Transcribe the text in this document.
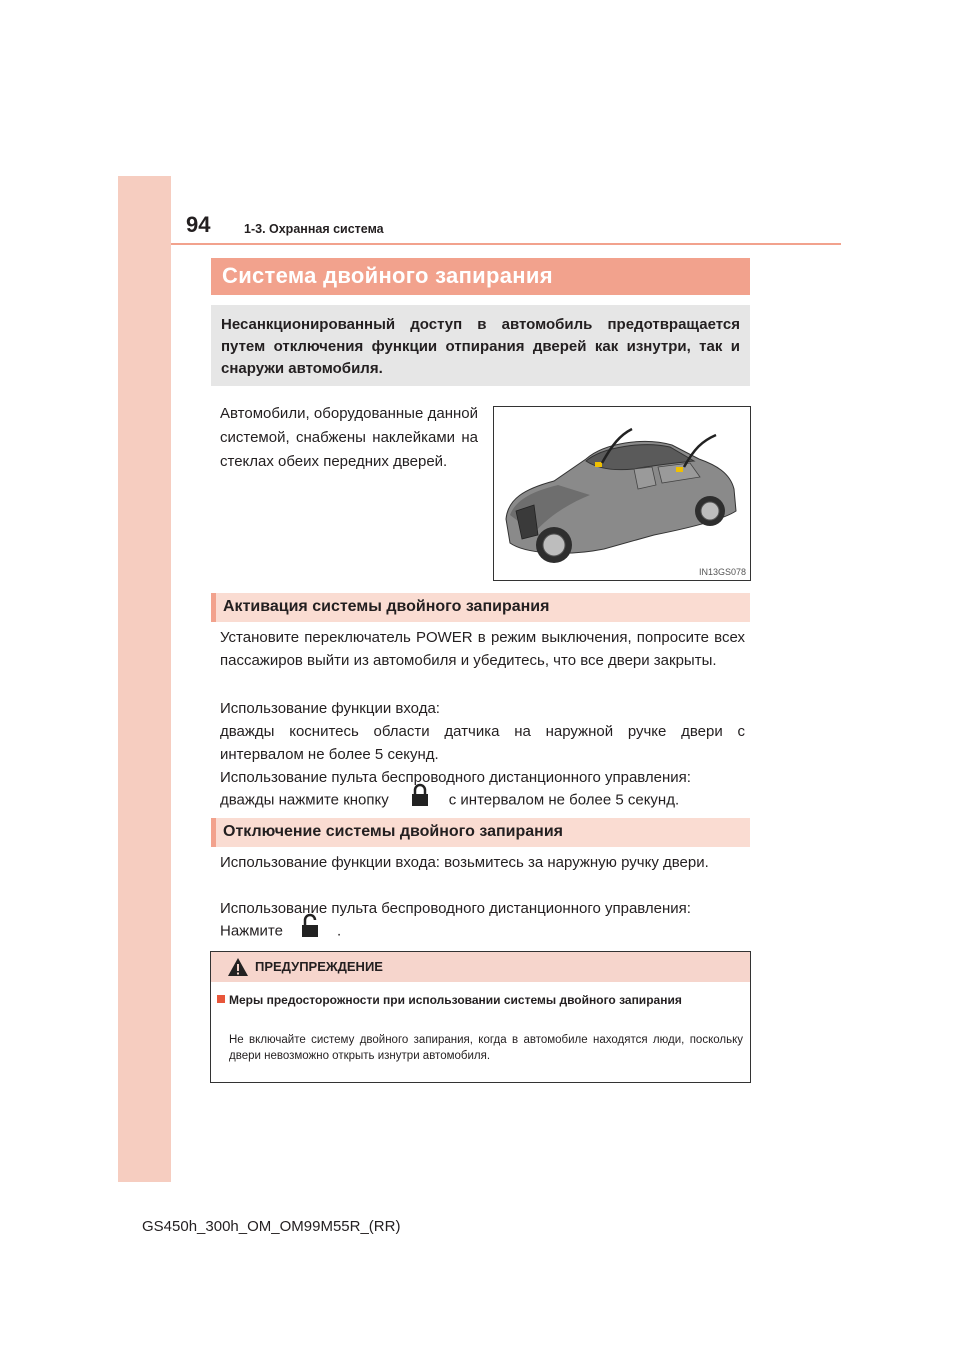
94	1-3. Охранная система
Система двойного запирания
Несанкционированный доступ в автомобиль предотвращается путем отключения функции отпирания дверей как изнутри, так и снаружи автомобиля.
Автомобили, оборудованные данной системой, снабжены наклейками на стеклах обеих передних дверей.
IN13GS078
Активация системы двойного запирания
Установите переключатель POWER в режим выключения, попросите всех пассажиров выйти из автомобиля и убедитесь, что все двери закрыты.
Использование функции входа:
дважды коснитесь области датчика на наружной ручке двери с интервалом не более 5 секунд.
Использование пульта беспроводного дистанционного управления:
дважды нажмите кнопку	с интервалом не более 5 секунд.
Отключение системы двойного запирания
Использование функции входа: возьмитесь за наружную ручку двери.
Использование пульта беспроводного дистанционного управления:
Нажмите	.
ПРЕДУПРЕЖДЕНИЕ
Меры предосторожности при использовании системы двойного запирания
Не включайте систему двойного запирания, когда в автомобиле находятся люди, поскольку двери невозможно открыть изнутри автомобиля.
GS450h_300h_OM_OM99M55R_(RR)
